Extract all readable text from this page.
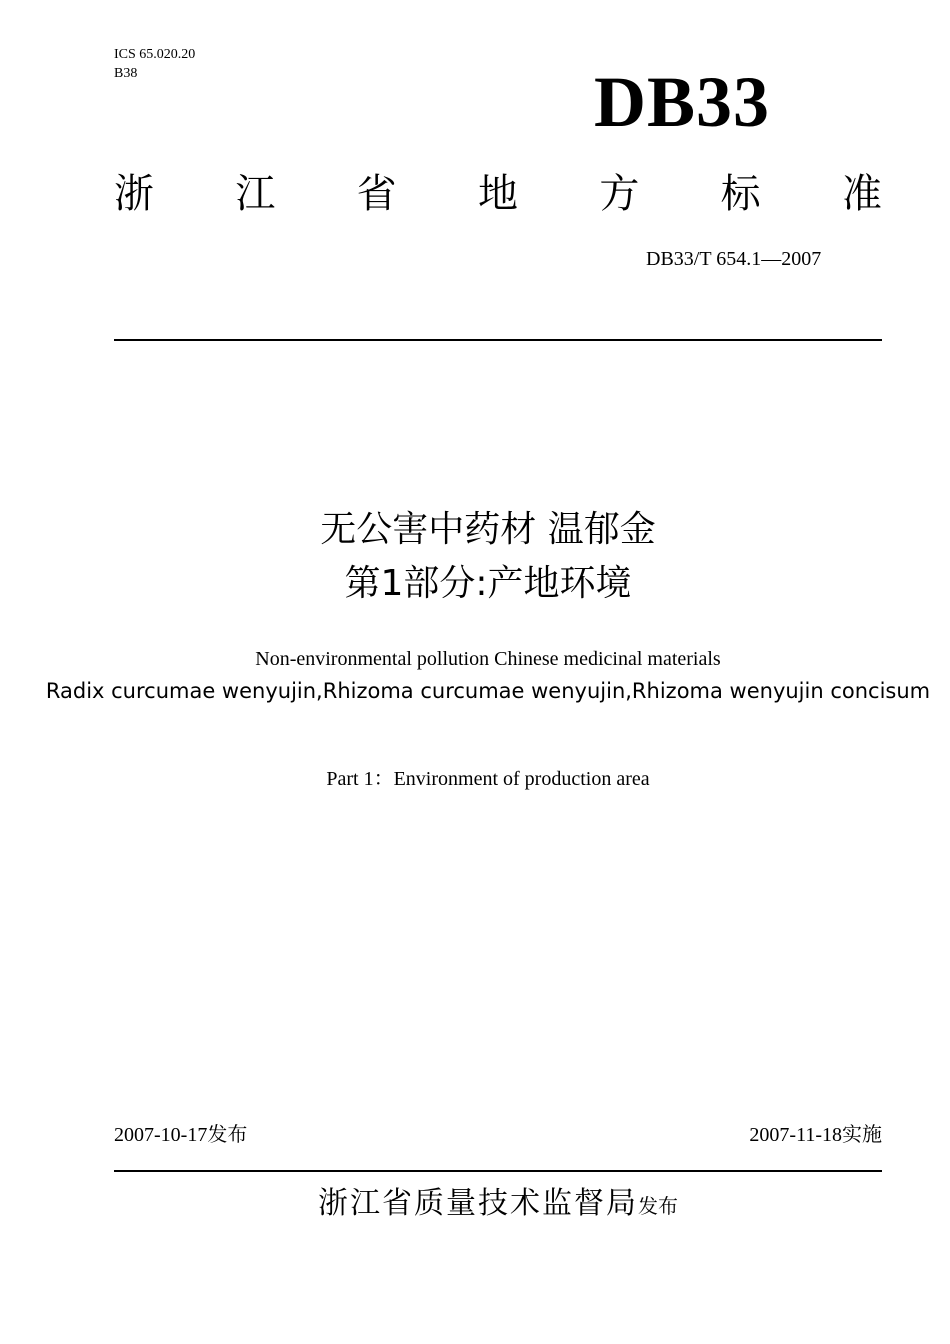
ICS 65.020.20
B38	DB33
浙 江 省 地 方 标 准
DB33/T 654.1—2007
无公害中药材 温郁金
第1部分:产地环境
Non-environmental pollution Chinese medicinal materials
Radix curcumae wenyujin,Rhizoma curcumae wenyujin,Rhizoma wenyujin concisum
Part 1：Environment of production area
2007-10-17发布	2007-11-18实施
浙江省质量技术监督局发布
